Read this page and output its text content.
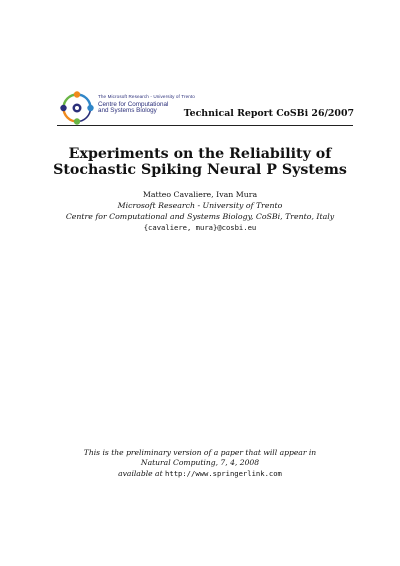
The Microsoft Research - University of Trento
Centre for Computational
and Systems Biology	Technical Report CoSBi 26/2007
Experiments on the Reliability of
Stochastic Spiking Neural P Systems
Matteo Cavaliere, Ivan Mura
Microsoft Research - University of Trento
Centre for Computational and Systems Biology, CoSBi, Trento, Italy
{cavaliere, mura}@cosbi.eu
This is the preliminary version of a paper that will appear in
Natural Computing, 7, 4, 2008
available at http://www.springerlink.com
